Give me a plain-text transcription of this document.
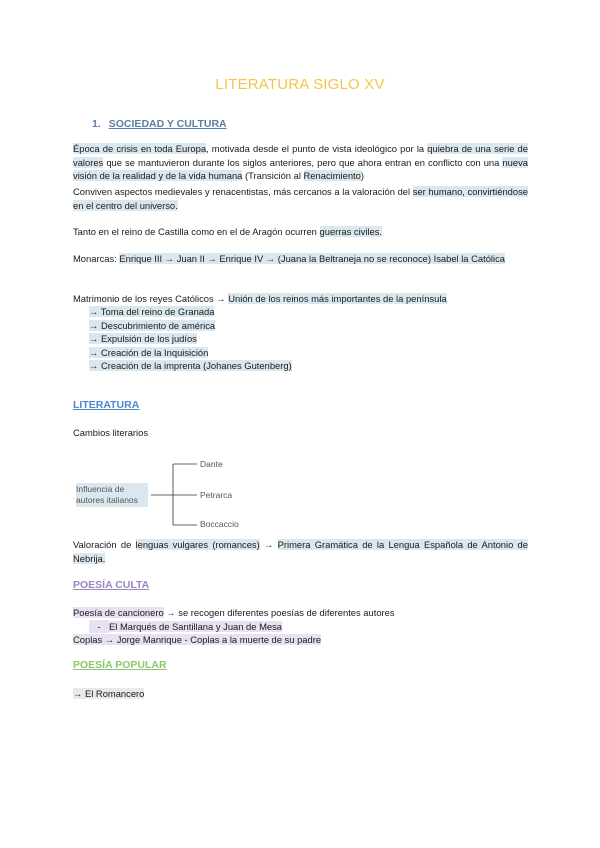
LITERATURA SIGLO XV
1. SOCIEDAD Y CULTURA
Época de crisis en toda Europa, motivada desde el punto de vista ideológico por la quiebra de una serie de valores que se mantuvieron durante los siglos anteriores, pero que ahora entran en conflicto con una nueva visión de la realidad y de la vida humana (Transición al Renacimiento)
Conviven aspectos medievales y renacentistas, más cercanos a la valoración del ser humano, convirtiéndose en el centro del universo.
Tanto en el reino de Castilla como en el de Aragón ocurren guerras civiles.
Monarcas: Enrique III → Juan II → Enrique IV → (Juana la Beltraneja no se reconoce) Isabel la Católica
Matrimonio de los reyes Católicos → Unión de los reinos más importantes de la península
→ Toma del reino de Granada
→ Descubrimiento de américa
→ Expulsión de los judíos
→ Creación de la Inquisición
→ Creación de la imprenta (Johanes Gutenberg)
LITERATURA
Cambios literarios
Influencia de autores italianos
Dante
Petrarca
Boccaccio
Valoración de lenguas vulgares (romances) → Primera Gramática de la Lengua Española de Antonio de Nebrija.
POESÍA CULTA
Poesía de cancionero → se recogen diferentes poesías de diferentes autores
- El Marqués de Santillana y Juan de Mesa
Coplas → Jorge Manrique - Coplas a la muerte de su padre
POESÍA POPULAR
→ El Romancero
